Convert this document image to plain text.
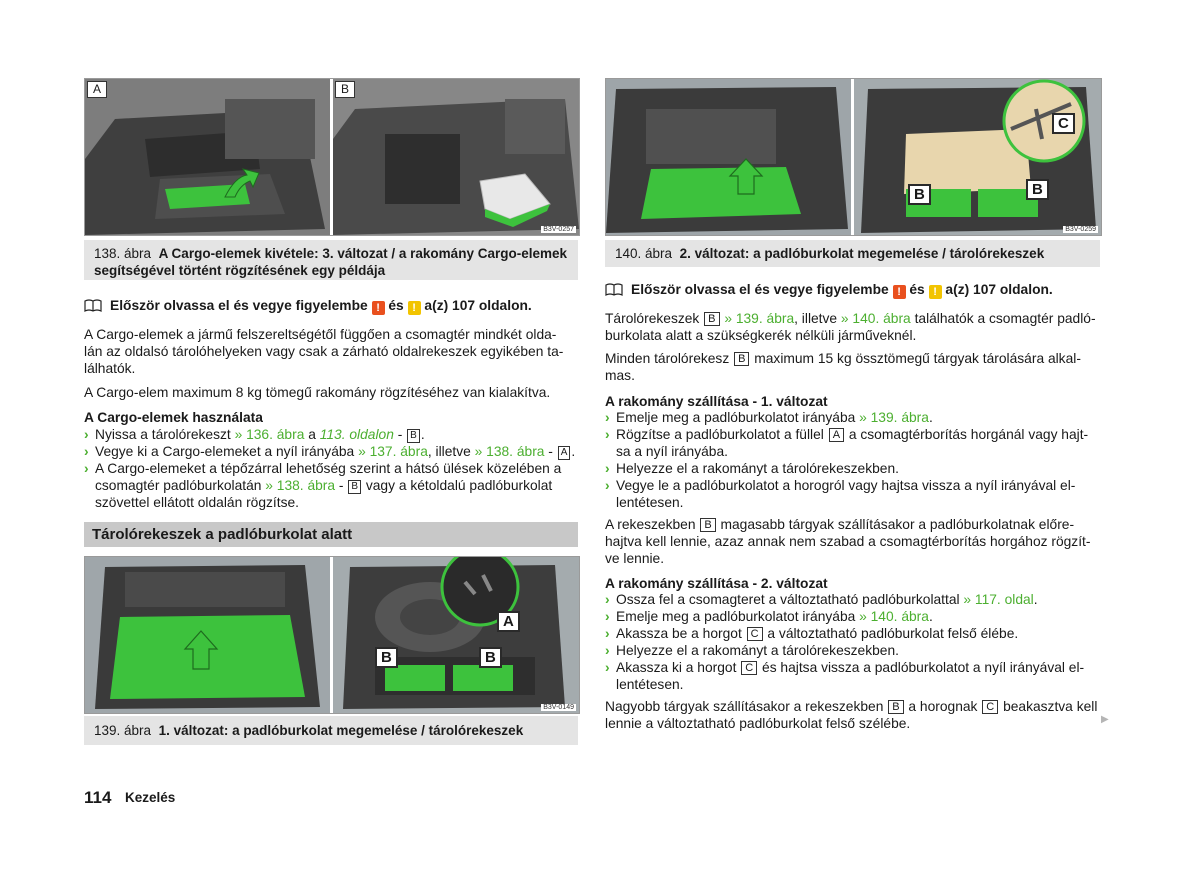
A	B
B3V-0257
138. ábra A Cargo-elemek kivétele: 3. változat / a rakomány Cargo-elemek segítségével történt rögzítésének egy példája
Először olvassa el és vegye figyelembe ! és ! a(z) 107 oldalon.

A Cargo-elemek a jármű felszereltségétől függően a csomagtér mindkét olda- lán az oldalsó tárolóhelyeken vagy csak a zárható oldalrekeszek egyikében ta- lálhatók.

A Cargo-elem maximum 8 kg tömegű rakomány rögzítéséhez van kialakítva.

A Cargo-elemek használata

› Nyissa a tárolórekeszt » 136. ábra a 113. oldalon - B .
› Vegye ki a Cargo-elemeket a nyíl irányába » 137. ábra, illetve » 138. ábra - A .
› A Cargo-elemeket a tépőzárral lehetőség szerint a hátsó ülések közelében a csomagtér padlóburkolatán » 138. ábra - B vagy a kétoldalú padlóburkolat szövettel ellátott oldalán rögzítse.
Tárolórekeszek a padlóburkolat alatt
A
B	B
B3V-0149
139. ábra 1. változat: a padlóburkolat megemelése / tárolórekeszek
C
B	B
B3V-0259
140. ábra 2. változat: a padlóburkolat megemelése / tárolórekeszek
Először olvassa el és vegye figyelembe ! és ! a(z) 107 oldalon.

Tárolórekeszek B » 139. ábra, illetve » 140. ábra találhatók a csomagtér padló- burkolata alatt a szükségkerék nélküli járműveknél.

Minden tárolórekesz B maximum 15 kg össztömegű tárgyak tárolására alkal- mas.

A rakomány szállítása - 1. változat

› Emelje meg a padlóburkolatot irányába » 139. ábra.
› Rögzítse a padlóburkolatot a füllel A a csomagtérborítás horgánál vagy hajt- sa a nyíl irányába.
› Helyezze el a rakományt a tárolórekeszekben.
› Vegye le a padlóburkolatot a horogról vagy hajtsa vissza a nyíl irányával el- lentétesen.

A rekeszekben B magasabb tárgyak szállításakor a padlóburkolatnak előre- hajtva kell lennie, azaz annak nem szabad a csomagtérborítás horgához rögzít- ve lennie.

A rakomány szállítása - 2. változat

› Ossza fel a csomagteret a változtatható padlóburkolattal » 117. oldal.
› Emelje meg a padlóburkolatot irányába » 140. ábra.
› Akassza be a horgot C a változtatható padlóburkolat felső élébe.
› Helyezze el a rakományt a tárolórekeszekben.
› Akassza ki a horgot C és hajtsa vissza a padlóburkolatot a nyíl irányával el- lentétesen.

Nagyobb tárgyak szállításakor a rekeszekben B a horognak C beakasztva kell lennie a változtatható padlóburkolat felső szélébe.	▶
114 Kezelés
